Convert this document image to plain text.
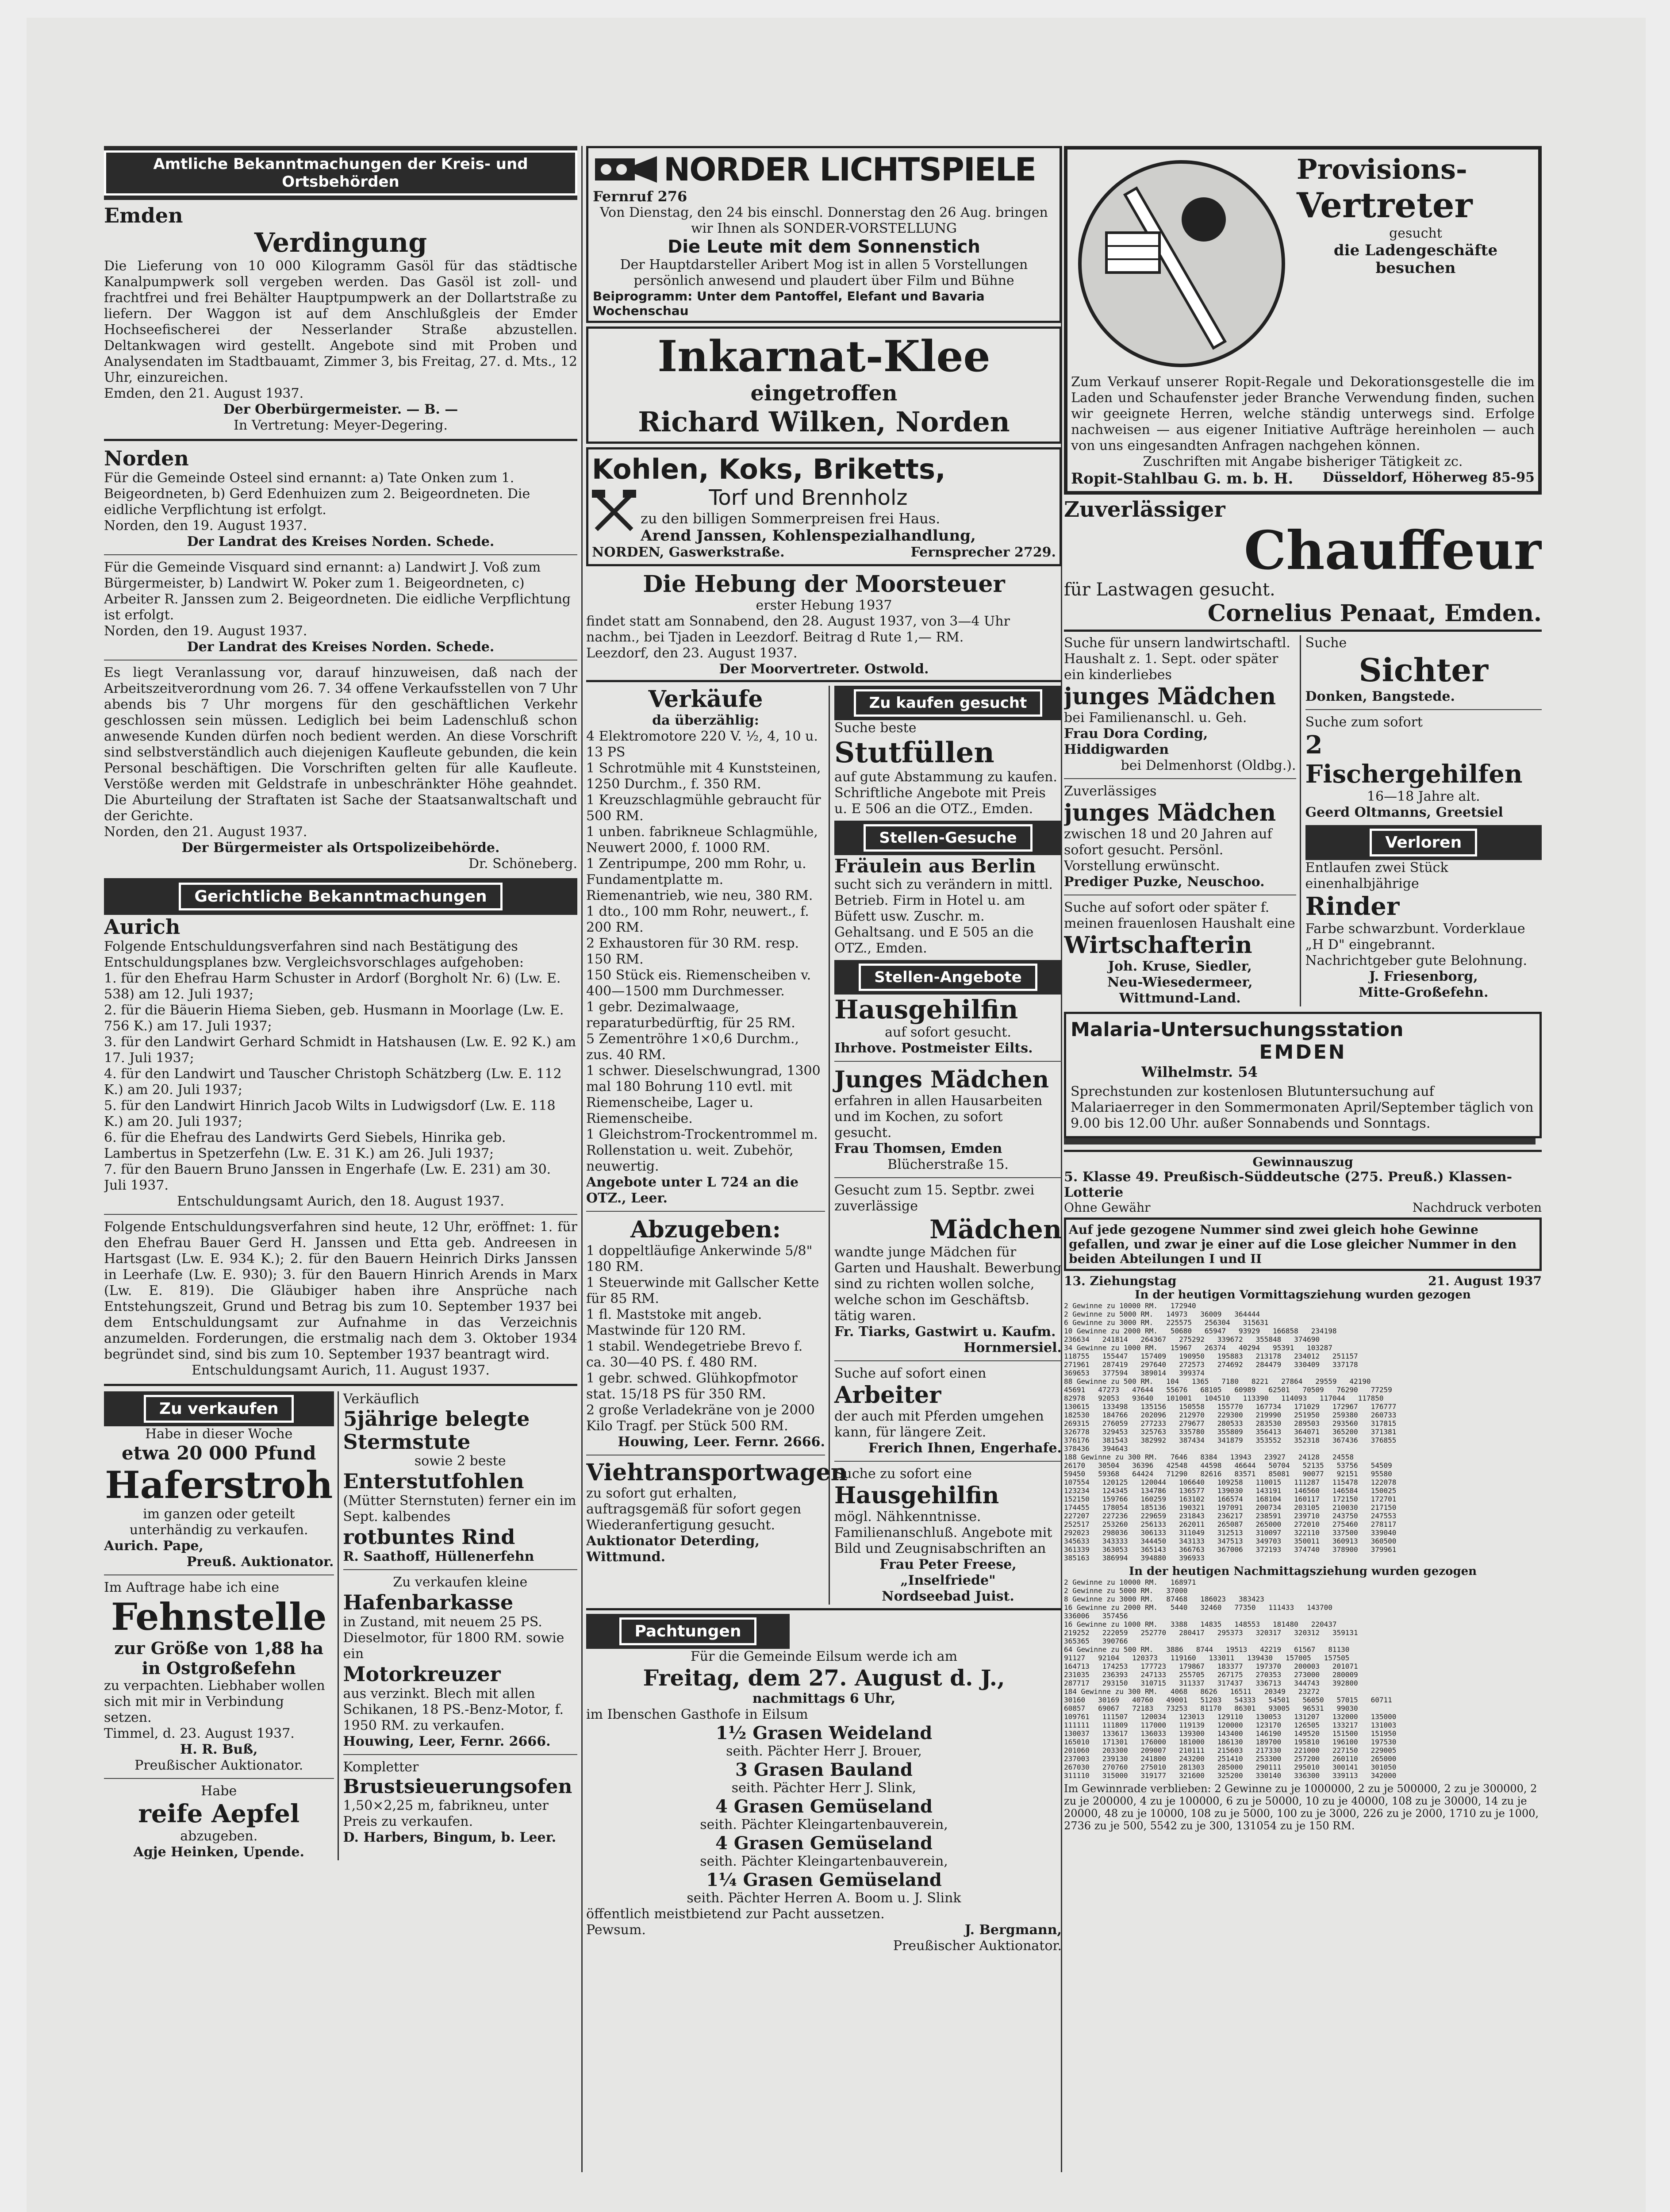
Amtliche Bekanntmachungen der Kreis- und Ortsbehörden

Emden

Verdingung

Die Lieferung von 10 000 Kilogramm Gasöl für das städtische Kanalpumpwerk soll vergeben werden. Das Gasöl ist zoll- und frachtfrei und frei Behälter Hauptpumpwerk an der Dollartstraße zu liefern. Der Waggon ist auf dem Anschlußgleis der Emder Hochseefischerei der Nesserlander Straße abzustellen. Deltankwagen wird gestellt. Angebote sind mit Proben und Analysendaten im Stadtbauamt, Zimmer 3, bis Freitag, 27. d. Mts., 12 Uhr, einzureichen.

Emden, den 21. August 1937.

Der Oberbürgermeister. — B. —

In Vertretung: Meyer-Degering.

Norden

Für die Gemeinde Osteel sind ernannt: a) Tate Onken zum 1. Beigeordneten, b) Gerd Edenhuizen zum 2. Beigeordneten. Die eidliche Verpflichtung ist erfolgt.

Norden, den 19. August 1937.

Der Landrat des Kreises Norden. Schede.

Für die Gemeinde Visquard sind ernannt: a) Landwirt J. Voß zum Bürgermeister, b) Landwirt W. Poker zum 1. Beigeordneten, c) Arbeiter R. Janssen zum 2. Beigeordneten. Die eidliche Verpflichtung ist erfolgt.

Norden, den 19. August 1937.

Der Landrat des Kreises Norden. Schede.

Es liegt Veranlassung vor, darauf hinzuweisen, daß nach der Arbeitszeitverordnung vom 26. 7. 34 offene Verkaufsstellen von 7 Uhr abends bis 7 Uhr morgens für den geschäftlichen Verkehr geschlossen sein müssen. Lediglich bei beim Ladenschluß schon anwesende Kunden dürfen noch bedient werden. An diese Vorschrift sind selbstverständlich auch diejenigen Kaufleute gebunden, die kein Personal beschäftigen. Die Vorschriften gelten für alle Kaufleute. Verstöße werden mit Geldstrafe in unbeschränkter Höhe geahndet. Die Aburteilung der Straftaten ist Sache der Staatsanwaltschaft und der Gerichte.

Norden, den 21. August 1937.

Der Bürgermeister als Ortspolizeibehörde.

Dr. Schöneberg.

Gerichtliche Bekanntmachungen

Aurich

Folgende Entschuldungsverfahren sind nach Bestätigung des Entschuldungsplanes bzw. Vergleichsvorschlages aufgehoben:

1. für den Ehefrau Harm Schuster in Ardorf (Borgholt Nr. 6) (Lw. E. 538) am 12. Juli 1937;

2. für die Bäuerin Hiema Sieben, geb. Husmann in Moorlage (Lw. E. 756 K.) am 17. Juli 1937;

3. für den Landwirt Gerhard Schmidt in Hatshausen (Lw. E. 92 K.) am 17. Juli 1937;

4. für den Landwirt und Tauscher Christoph Schätzberg (Lw. E. 112 K.) am 20. Juli 1937;

5. für den Landwirt Hinrich Jacob Wilts in Ludwigsdorf (Lw. E. 118 K.) am 20. Juli 1937;

6. für die Ehefrau des Landwirts Gerd Siebels, Hinrika geb. Lambertus in Spetzerfehn (Lw. E. 31 K.) am 26. Juli 1937;

7. für den Bauern Bruno Janssen in Engerhafe (Lw. E. 231) am 30. Juli 1937.

Entschuldungsamt Aurich, den 18. August 1937.

Folgende Entschuldungsverfahren sind heute, 12 Uhr, eröffnet: 1. für den Ehefrau Bauer Gerd H. Janssen und Etta geb. Andreesen in Hartsgast (Lw. E. 934 K.); 2. für den Bauern Heinrich Dirks Janssen in Leerhafe (Lw. E. 930); 3. für den Bauern Hinrich Arends in Marx (Lw. E. 819). Die Gläubiger haben ihre Ansprüche nach Entstehungszeit, Grund und Betrag bis zum 10. September 1937 bei dem Entschuldungsamt zur Aufnahme in das Verzeichnis anzumelden. Forderungen, die erstmalig nach dem 3. Oktober 1934 begründet sind, sind bis zum 10. September 1937 beantragt wird.

Entschuldungsamt Aurich, 11. August 1937.

Zu verkaufen

Habe in dieser Woche

etwa 20 000 Pfund

Haferstroh

im ganzen oder geteilt unterhändig zu verkaufen.

Aurich. Pape,

Preuß. Auktionator.

Im Auftrage habe ich eine

Fehnstelle

zur Größe von 1,88 ha in Ostgroßefehn

zu verpachten. Liebhaber wollen sich mit mir in Verbindung setzen.

Timmel, d. 23. August 1937.

H. R. Buß,

Preußischer Auktionator.

Habe

reife Aepfel

abzugeben.

Agje Heinken, Upende.

Verkäuflich

5jährige belegte Stermstute

sowie 2 beste

Enterstutfohlen

(Mütter Sternstuten) ferner ein im Sept. kalbendes

rotbuntes Rind

R. Saathoff, Hüllenerfehn

Zu verkaufen kleine

Hafenbarkasse

in Zustand, mit neuem 25 PS. Dieselmotor, für 1800 RM. sowie ein

Motorkreuzer

aus verzinkt. Blech mit allen Schikanen, 18 PS.-Benz-Motor, f. 1950 RM. zu verkaufen.

Houwing, Leer, Fernr. 2666.

Kompletter

Brustsieuerungsofen

1,50×2,25 m, fabrikneu, unter Preis zu verkaufen.

D. Harbers, Bingum, b. Leer.

NORDER LICHTSPIELE

Fernruf 276

Von Dienstag, den 24 bis einschl. Donnerstag den 26 Aug. bringen wir Ihnen als SONDER-VORSTELLUNG

Die Leute mit dem Sonnenstich

Der Hauptdarsteller Aribert Mog ist in allen 5 Vorstellungen persönlich anwesend und plaudert über Film und Bühne

Beiprogramm: Unter dem Pantoffel, Elefant und Bavaria Wochenschau

Inkarnat-Klee

eingetroffen

Richard Wilken, Norden

Kohlen, Koks, Briketts,

Torf und Brennholz

zu den billigen Sommerpreisen frei Haus.

Arend Janssen, Kohlenspezialhandlung,

NORDEN, Gaswerkstraße.	Fernsprecher 2729.

Die Hebung der Moorsteuer

erster Hebung 1937

findet statt am Sonnabend, den 28. August 1937, von 3—4 Uhr nachm., bei Tjaden in Leezdorf. Beitrag d Rute 1,— RM.

Leezdorf, den 23. August 1937.

Der Moorvertreter. Ostwold.

Verkäufe

da überzählig:

4 Elektromotore 220 V. ½, 4, 10 u. 13 PS

1 Schrotmühle mit 4 Kunststeinen, 1250 Durchm., f. 350 RM.

1 Kreuzschlagmühle gebraucht für 500 RM.

1 unben. fabrikneue Schlagmühle, Neuwert 2000, f. 1000 RM.

1 Zentripumpe, 200 mm Rohr, u. Fundamentplatte m. Riemenantrieb, wie neu, 380 RM.

1 dto., 100 mm Rohr, neuwert., f. 200 RM.

2 Exhaustoren für 30 RM. resp. 150 RM.

150 Stück eis. Riemenscheiben v. 400—1500 mm Durchmesser.

1 gebr. Dezimalwaage, reparaturbedürftig, für 25 RM.

5 Zementröhre 1×0,6 Durchm., zus. 40 RM.

1 schwer. Dieselschwungrad, 1300 mal 180 Bohrung 110 evtl. mit Riemenscheibe, Lager u. Riemenscheibe.

1 Gleichstrom-Trockentrommel m. Rollenstation u. weit. Zubehör, neuwertig.

Angebote unter L 724 an die OTZ., Leer.

Abzugeben:

1 doppeltläufige Ankerwinde 5/8" 180 RM.

1 Steuerwinde mit Gallscher Kette für 85 RM.

1 fl. Maststoke mit angeb. Mastwinde für 120 RM.

1 stabil. Wendegetriebe Brevo f. ca. 30—40 PS. f. 480 RM.

1 gebr. schwed. Glühkopfmotor stat. 15/18 PS für 350 RM.

2 große Verladekräne von je 2000 Kilo Tragf. per Stück 500 RM.

Houwing, Leer. Fernr. 2666.

Viehtransportwagen

zu sofort gut erhalten, auftragsgemäß für sofort gegen Wiederanfertigung gesucht.

Auktionator Deterding,

Wittmund.

Zu kaufen gesucht

Suche beste

Stutfüllen

auf gute Abstammung zu kaufen. Schriftliche Angebote mit Preis u. E 506 an die OTZ., Emden.

Stellen-Gesuche

Fräulein aus Berlin

sucht sich zu verändern in mittl. Betrieb. Firm in Hotel u. am Büfett usw. Zuschr. m. Gehaltsang. und E 505 an die OTZ., Emden.

Stellen-Angebote

Hausgehilfin

auf sofort gesucht.

Ihrhove. Postmeister Eilts.

Junges Mädchen

erfahren in allen Hausarbeiten und im Kochen, zu sofort gesucht.

Frau Thomsen, Emden

Blücherstraße 15.

Gesucht zum 15. Septbr. zwei zuverlässige

Mädchen

wandte junge Mädchen für Garten und Haushalt. Bewerbung sind zu richten wollen solche, welche schon im Geschäftsb. tätig waren.

Fr. Tiarks, Gastwirt u. Kaufm.

Hornmersiel.

Suche auf sofort einen

Arbeiter

der auch mit Pferden umgehen kann, für längere Zeit.

Frerich Ihnen, Engerhafe.

Suche zu sofort eine

Hausgehilfin

mögl. Nähkenntnisse. Familienanschluß. Angebote mit Bild und Zeugnisabschriften an

Frau Peter Freese,

„Inselfriede"

Nordseebad Juist.

Pachtungen

Für die Gemeinde Eilsum werde ich am

Freitag, dem 27. August d. J.,

nachmittags 6 Uhr,

im Ibenschen Gasthofe in Eilsum

1½ Grasen Weideland

seith. Pächter Herr J. Brouer,

3 Grasen Bauland

seith. Pächter Herr J. Slink,

4 Grasen Gemüseland

seith. Pächter Kleingartenbauverein,

4 Grasen Gemüseland

seith. Pächter Kleingartenbauverein,

1¼ Grasen Gemüseland

seith. Pächter Herren A. Boom u. J. Slink

öffentlich meistbietend zur Pacht aussetzen.

Pewsum.	J. Bergmann,

Preußischer Auktionator.

Provisions-

Vertreter

gesucht

die Ladengeschäfte besuchen

Zum Verkauf unserer Ropit-Regale und Dekorationsgestelle die im Laden und Schaufenster jeder Branche Verwendung finden, suchen wir geeignete Herren, welche ständig unterwegs sind. Erfolge nachweisen — aus eigener Initiative Aufträge hereinholen — auch von uns eingesandten Anfragen nachgehen können.

Zuschriften mit Angabe bisheriger Tätigkeit zc.

Ropit-Stahlbau G. m. b. H. Düsseldorf, Höherweg 85-95

Zuverlässiger

Chauffeur

für Lastwagen gesucht.

Cornelius Penaat, Emden.

Suche für unsern landwirtschaftl. Haushalt z. 1. Sept. oder später ein kinderliebes

junges Mädchen

bei Familienanschl. u. Geh.

Frau Dora Cording,

Hiddigwarden

bei Delmenhorst (Oldbg.).

Zuverlässiges

junges Mädchen

zwischen 18 und 20 Jahren auf sofort gesucht. Persönl. Vorstellung erwünscht.

Prediger Puzke, Neuschoo.

Suche auf sofort oder später f. meinen frauenlosen Haushalt eine

Wirtschafterin

Joh. Kruse, Siedler,

Neu-Wiesedermeer,

Wittmund-Land.

Suche

Sichter

Donken, Bangstede.

Suche zum sofort

2 Fischergehilfen

16—18 Jahre alt.

Geerd Oltmanns, Greetsiel

Verloren

Entlaufen zwei Stück einenhalbjährige

Rinder

Farbe schwarzbunt. Vorderklaue „H D" eingebrannt. Nachrichtgeber gute Belohnung.

J. Friesenborg,

Mitte-Großefehn.

Malaria-Untersuchungsstation

EMDEN

Wilhelmstr. 54

Sprechstunden zur kostenlosen Blutuntersuchung auf Malariaerreger in den Sommermonaten April/September täglich von 9.00 bis 12.00 Uhr. außer Sonnabends und Sonntags.

Gewinnauszug

5. Klasse 49. Preußisch-Süddeutsche (275. Preuß.) Klassen-Lotterie

Ohne Gewähr	Nachdruck verboten

Auf jede gezogene Nummer sind zwei gleich hohe Gewinne gefallen, und zwar je einer auf die Lose gleicher Nummer in den beiden Abteilungen I und II

13. Ziehungstag	21. August 1937

In der heutigen Vormittagsziehung wurden gezogen

2 Gewinne zu 10000 RM.   172940
2 Gewinne zu 5000 RM.   14973   36009   364444
6 Gewinne zu 3000 RM.   225575   256304   315631
10 Gewinne zu 2000 RM.   50680   65947   93929   166858   234198
236634   241814   264367   275292   339672   355848   374690
34 Gewinne zu 1000 RM.   15967   26374   40294   95391   103287
118755   155447   157409   190950   195883   213178   234012   251157
271961   287419   297640   272573   274692   284479   330409   337178
369653   377594   389014   399374
88 Gewinne zu 500 RM.   104   1365   7180   8221   27864   29559   42190
45691   47273   47644   55676   68105   60989   62501   70509   76290   77259
82978   92053   93640   101001   104510   113390   114093   117044   117850
130615   133498   135156   150558   155770   167734   171029   172967   176777
182530   184766   202096   212970   229300   219990   251950   259380   260733
269315   276059   277233   279677   280533   283530   289503   293560   317815
326778   329453   325763   335780   355809   356413   364071   365200   371381
376176   381543   382992   387434   341879   353552   352318   367436   376855
378436   394643
188 Gewinne zu 300 RM.   7646   8384   13943   23927   24128   24558
26170   30504   36396   42548   44598   46644   50704   52135   53756   54509
59450   59368   64424   71290   82616   83571   85081   90077   92151   95580
107554   120125   120044   106640   109258   110015   111287   115478   122078
123234   124345   134786   136577   139030   143191   146560   146584   150025
152150   159766   160259   163102   166574   168104   160117   172150   172701
174455   178054   185136   190321   197091   200734   203105   210030   217150
227207   227236   229659   231843   236217   238591   239710   243750   247553
252517   253260   256133   262011   265087   265000   272010   275460   278117
292023   298036   306133   311049   312513   310097   322110   337500   339040
345633   343333   344450   343133   347513   349703   350011   360913   360500
361339   363053   365143   366763   367006   372193   374740   378900   379961
385163   386994   394880   396933

In der heutigen Nachmittagsziehung wurden gezogen

2 Gewinne zu 10000 RM.   168971
2 Gewinne zu 5000 RM.   37000
8 Gewinne zu 3000 RM.   87468   186023   383423
16 Gewinne zu 2000 RM.   5440   32460   77350   111433   143700
336006   357456
16 Gewinne zu 1000 RM.   3388   14835   148553   181480   220437
219252   222059   252770   280417   295373   320317   320312   359131
365365   390766
64 Gewinne zu 500 RM.   3886   8744   19513   42219   61567   81130
91127   92104   120373   119160   133011   139430   157005   157505
164713   174253   177723   179867   183377   197370   200003   201071
231035   236393   247133   255705   267175   270353   273000   280009
287717   293150   310715   311337   317437   336713   344743   392800
184 Gewinne zu 300 RM.   4068   8626   16511   20349   23272
30160   30169   40760   49001   51203   54333   54501   56050   57015   60711
60857   69067   72183   73253   81170   86301   93005   96531   99030
109761   111507   120034   123013   129110   130053   131207   132000   135000
111111   111809   117000   119139   120000   123170   126505   133217   131003
130037   133617   136033   139300   143400   146190   149520   151500   151950
165010   171301   176000   181000   186130   189700   195810   196100   197530
201060   203300   209007   210111   215603   217330   221000   227150   229005
237003   239130   241800   243200   251410   253300   257200   260110   265000
267030   270760   275010   281303   285000   290111   295010   300141   301050
311110   315000   319177   321600   325200   330140   336300   339113   342000

Im Gewinnrade verblieben: 2 Gewinne zu je 1000000, 2 zu je 500000, 2 zu je 300000, 2 zu je 200000, 4 zu je 100000, 6 zu je 50000, 10 zu je 40000, 108 zu je 30000, 14 zu je 20000, 48 zu je 10000, 108 zu je 5000, 100 zu je 3000, 226 zu je 2000, 1710 zu je 1000, 2736 zu je 500, 5542 zu je 300, 131054 zu je 150 RM.
